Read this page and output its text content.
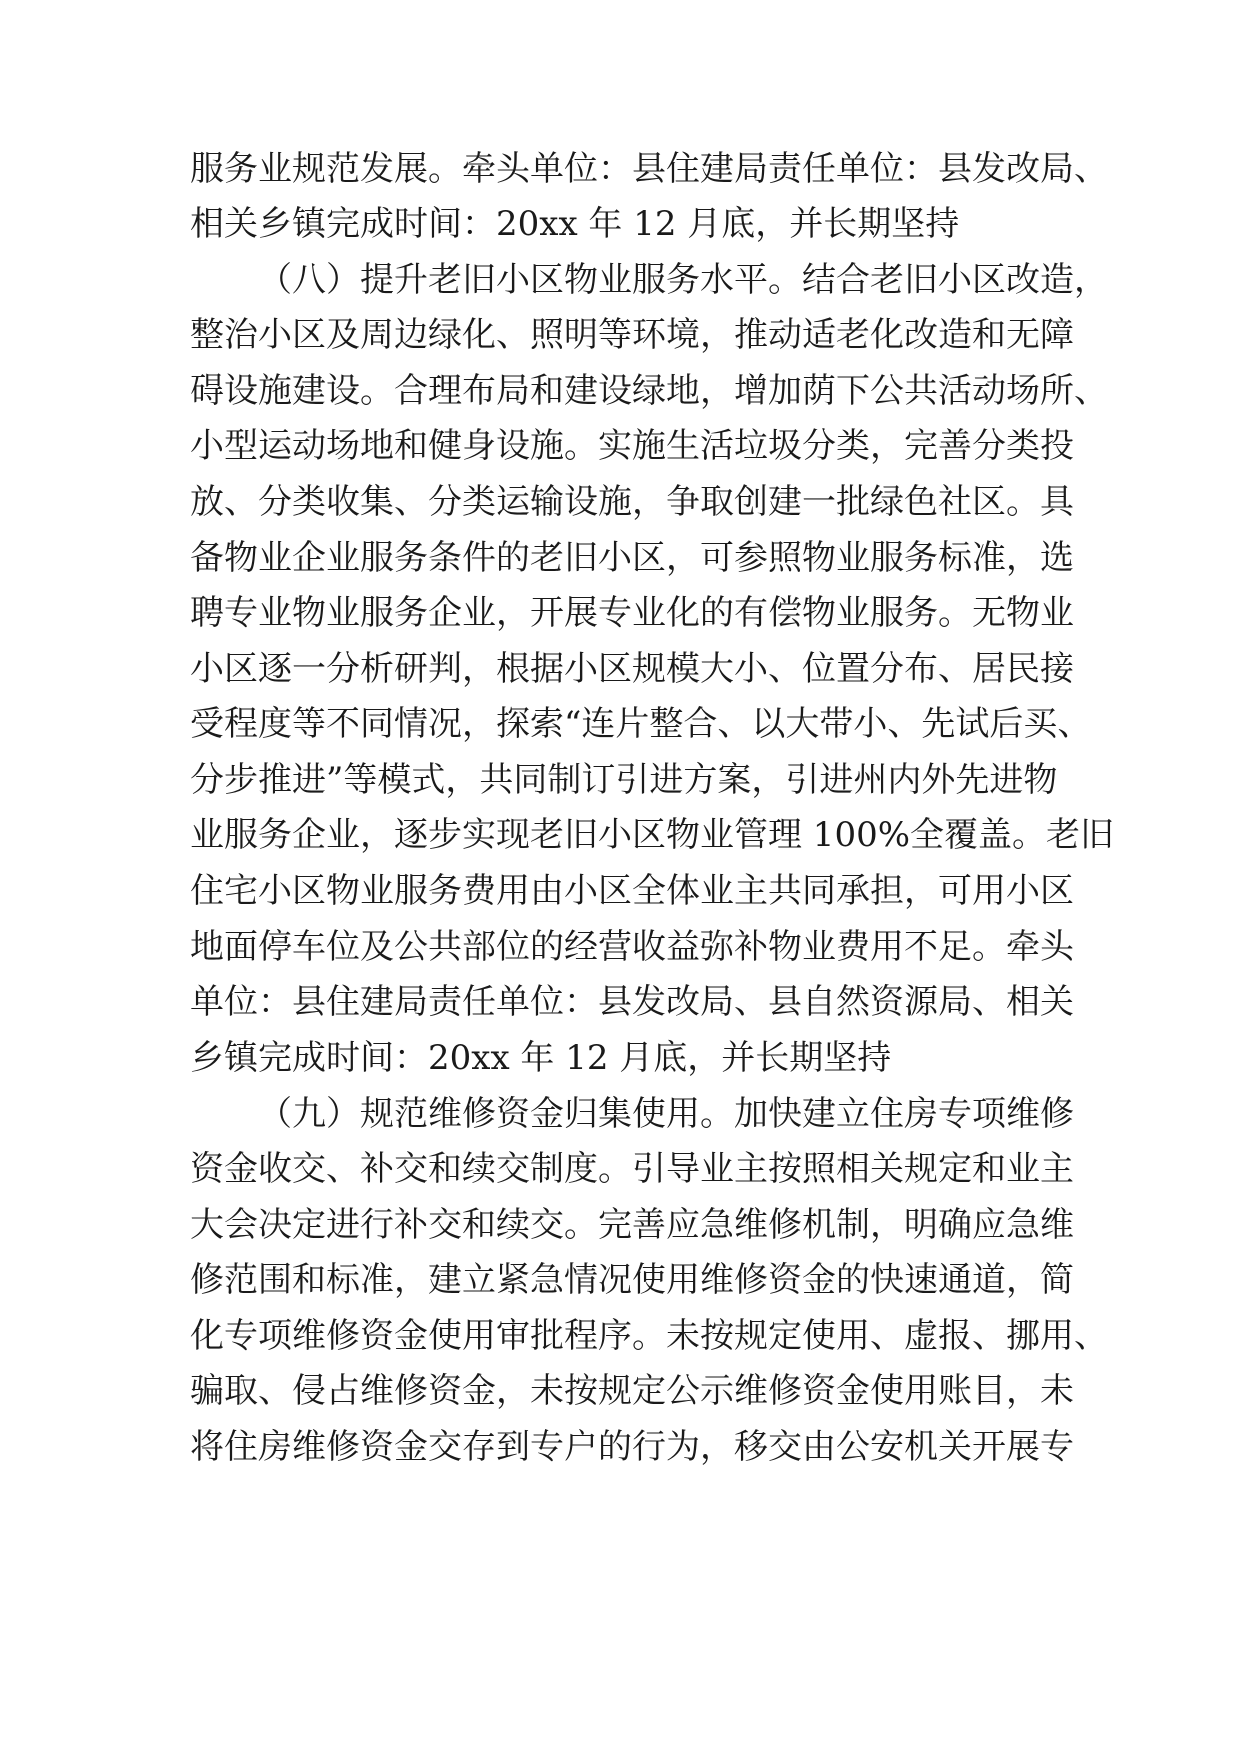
服务业规范发展。牵头单位：县住建局责任单位：县发改局、
相关乡镇完成时间：20xx 年 12 月底，并长期坚持
（八）提升老旧小区物业服务水平。结合老旧小区改造，
整治小区及周边绿化、照明等环境，推动适老化改造和无障
碍设施建设。合理布局和建设绿地，增加荫下公共活动场所、
小型运动场地和健身设施。实施生活垃圾分类，完善分类投
放、分类收集、分类运输设施，争取创建一批绿色社区。具
备物业企业服务条件的老旧小区，可参照物业服务标准，选
聘专业物业服务企业，开展专业化的有偿物业服务。无物业
小区逐一分析研判，根据小区规模大小、位置分布、居民接
受程度等不同情况，探索“连片整合、以大带小、先试后买、
分步推进”等模式，共同制订引进方案，引进州内外先进物
业服务企业，逐步实现老旧小区物业管理 100%全覆盖。老旧
住宅小区物业服务费用由小区全体业主共同承担，可用小区
地面停车位及公共部位的经营收益弥补物业费用不足。牵头
单位：县住建局责任单位：县发改局、县自然资源局、相关
乡镇完成时间：20xx 年 12 月底，并长期坚持
（九）规范维修资金归集使用。加快建立住房专项维修
资金收交、补交和续交制度。引导业主按照相关规定和业主
大会决定进行补交和续交。完善应急维修机制，明确应急维
修范围和标准，建立紧急情况使用维修资金的快速通道，简
化专项维修资金使用审批程序。未按规定使用、虚报、挪用、
骗取、侵占维修资金，未按规定公示维修资金使用账目，未
将住房维修资金交存到专户的行为，移交由公安机关开展专
